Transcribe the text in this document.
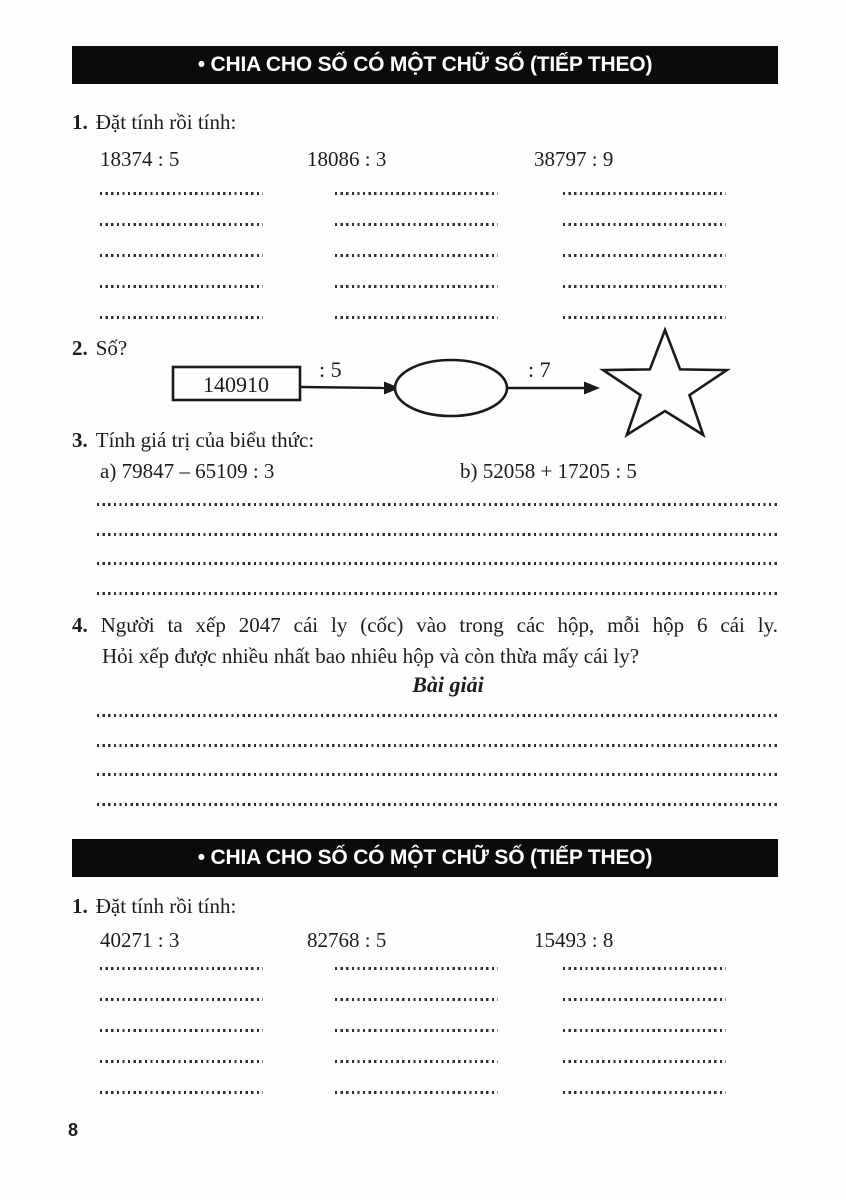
• CHIA CHO SỐ CÓ MỘT CHỮ SỐ (TIẾP THEO)
1. Đặt tính rồi tính:
18374 : 5	18086 : 3	38797 : 9
2. Số?
140910
: 5	: 7
3. Tính giá trị của biểu thức:
a) 79847 – 65109 : 3	b) 52058 + 17205 : 5
4. Người ta xếp 2047 cái ly (cốc) vào trong các hộp, mỗi hộp 6 cái ly.
Hỏi xếp được nhiều nhất bao nhiêu hộp và còn thừa mấy cái ly?
Bài giải
• CHIA CHO SỐ CÓ MỘT CHỮ SỐ (TIẾP THEO)
1. Đặt tính rồi tính:
40271 : 3	82768 : 5	15493 : 8
8
